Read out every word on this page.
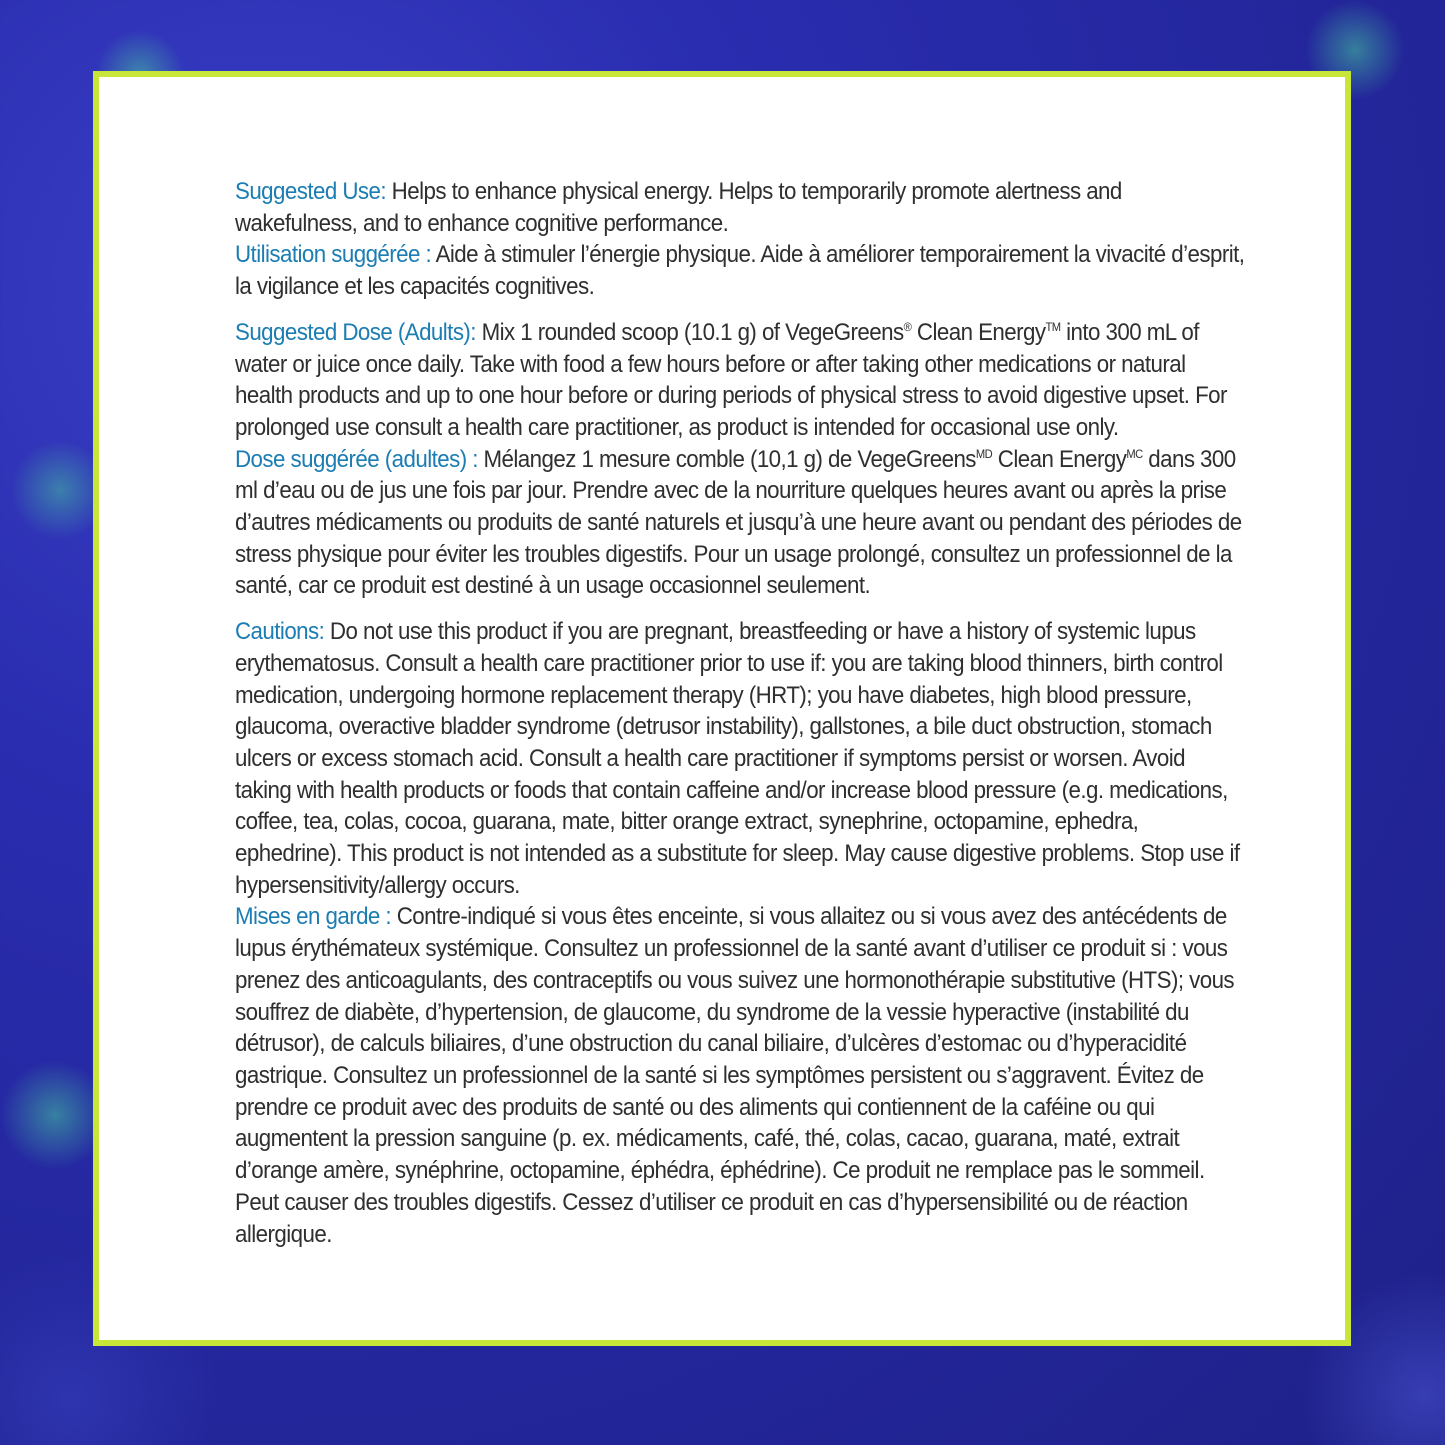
Suggested Use: Helps to enhance physical energy. Helps to temporarily promote alertness and wakefulness, and to enhance cognitive performance.

Utilisation suggérée : Aide à stimuler l’énergie physique. Aide à améliorer temporairement la vivacité d’esprit, la vigilance et les capacités cognitives.

Suggested Dose (Adults): Mix 1 rounded scoop (10.1 g) of VegeGreens® Clean Energy™ into 300 mL of water or juice once daily. Take with food a few hours before or after taking other medications or natural health products and up to one hour before or during periods of physical stress to avoid digestive upset. For prolonged use consult a health care practitioner, as product is intended for occasional use only.

Dose suggérée (adultes) : Mélangez 1 mesure comble (10,1 g) de VegeGreens$^{MD}$ Clean Energy$^{MC}$ dans 300 ml d’eau ou de jus une fois par jour. Prendre avec de la nourriture quelques heures avant ou après la prise d’autres médicaments ou produits de santé naturels et jusqu’à une heure avant ou pendant des périodes de stress physique pour éviter les troubles digestifs. Pour un usage prolongé, consultez un professionnel de la santé, car ce produit est destiné à un usage occasionnel seulement.

Cautions: Do not use this product if you are pregnant, breastfeeding or have a history of systemic lupus erythematosus. Consult a health care practitioner prior to use if: you are taking blood thinners, birth control medication, undergoing hormone replacement therapy (HRT); you have diabetes, high blood pressure, glaucoma, overactive bladder syndrome (detrusor instability), gallstones, a bile duct obstruction, stomach ulcers or excess stomach acid. Consult a health care practitioner if symptoms persist or worsen. Avoid taking with health products or foods that contain caffeine and/or increase blood pressure (e.g. medications, coffee, tea, colas, cocoa, guarana, mate, bitter orange extract, synephrine, octopamine, ephedra, ephedrine). This product is not intended as a substitute for sleep. May cause digestive problems. Stop use if hypersensitivity/allergy occurs.

Mises en garde : Contre-indiqué si vous êtes enceinte, si vous allaitez ou si vous avez des antécédents de lupus érythémateux systémique. Consultez un professionnel de la santé avant d’utiliser ce produit si : vous prenez des anticoagulants, des contraceptifs ou vous suivez une hormonothérapie substitutive (HTS); vous souffrez de diabète, d’hypertension, de glaucome, du syndrome de la vessie hyperactive (instabilité du détrusor), de calculs biliaires, d’une obstruction du canal biliaire, d’ulcères d’estomac ou d’hyperacidité gastrique. Consultez un professionnel de la santé si les symptômes persistent ou s’aggravent. Évitez de prendre ce produit avec des produits de santé ou des aliments qui contiennent de la caféine ou qui augmentent la pression sanguine (p. ex. médicaments, café, thé, colas, cacao, guarana, maté, extrait d’orange amère, synéphrine, octopamine, éphédra, éphédrine). Ce produit ne remplace pas le sommeil. Peut causer des troubles digestifs. Cessez d’utiliser ce produit en cas d’hypersensibilité ou de réaction allergique.
